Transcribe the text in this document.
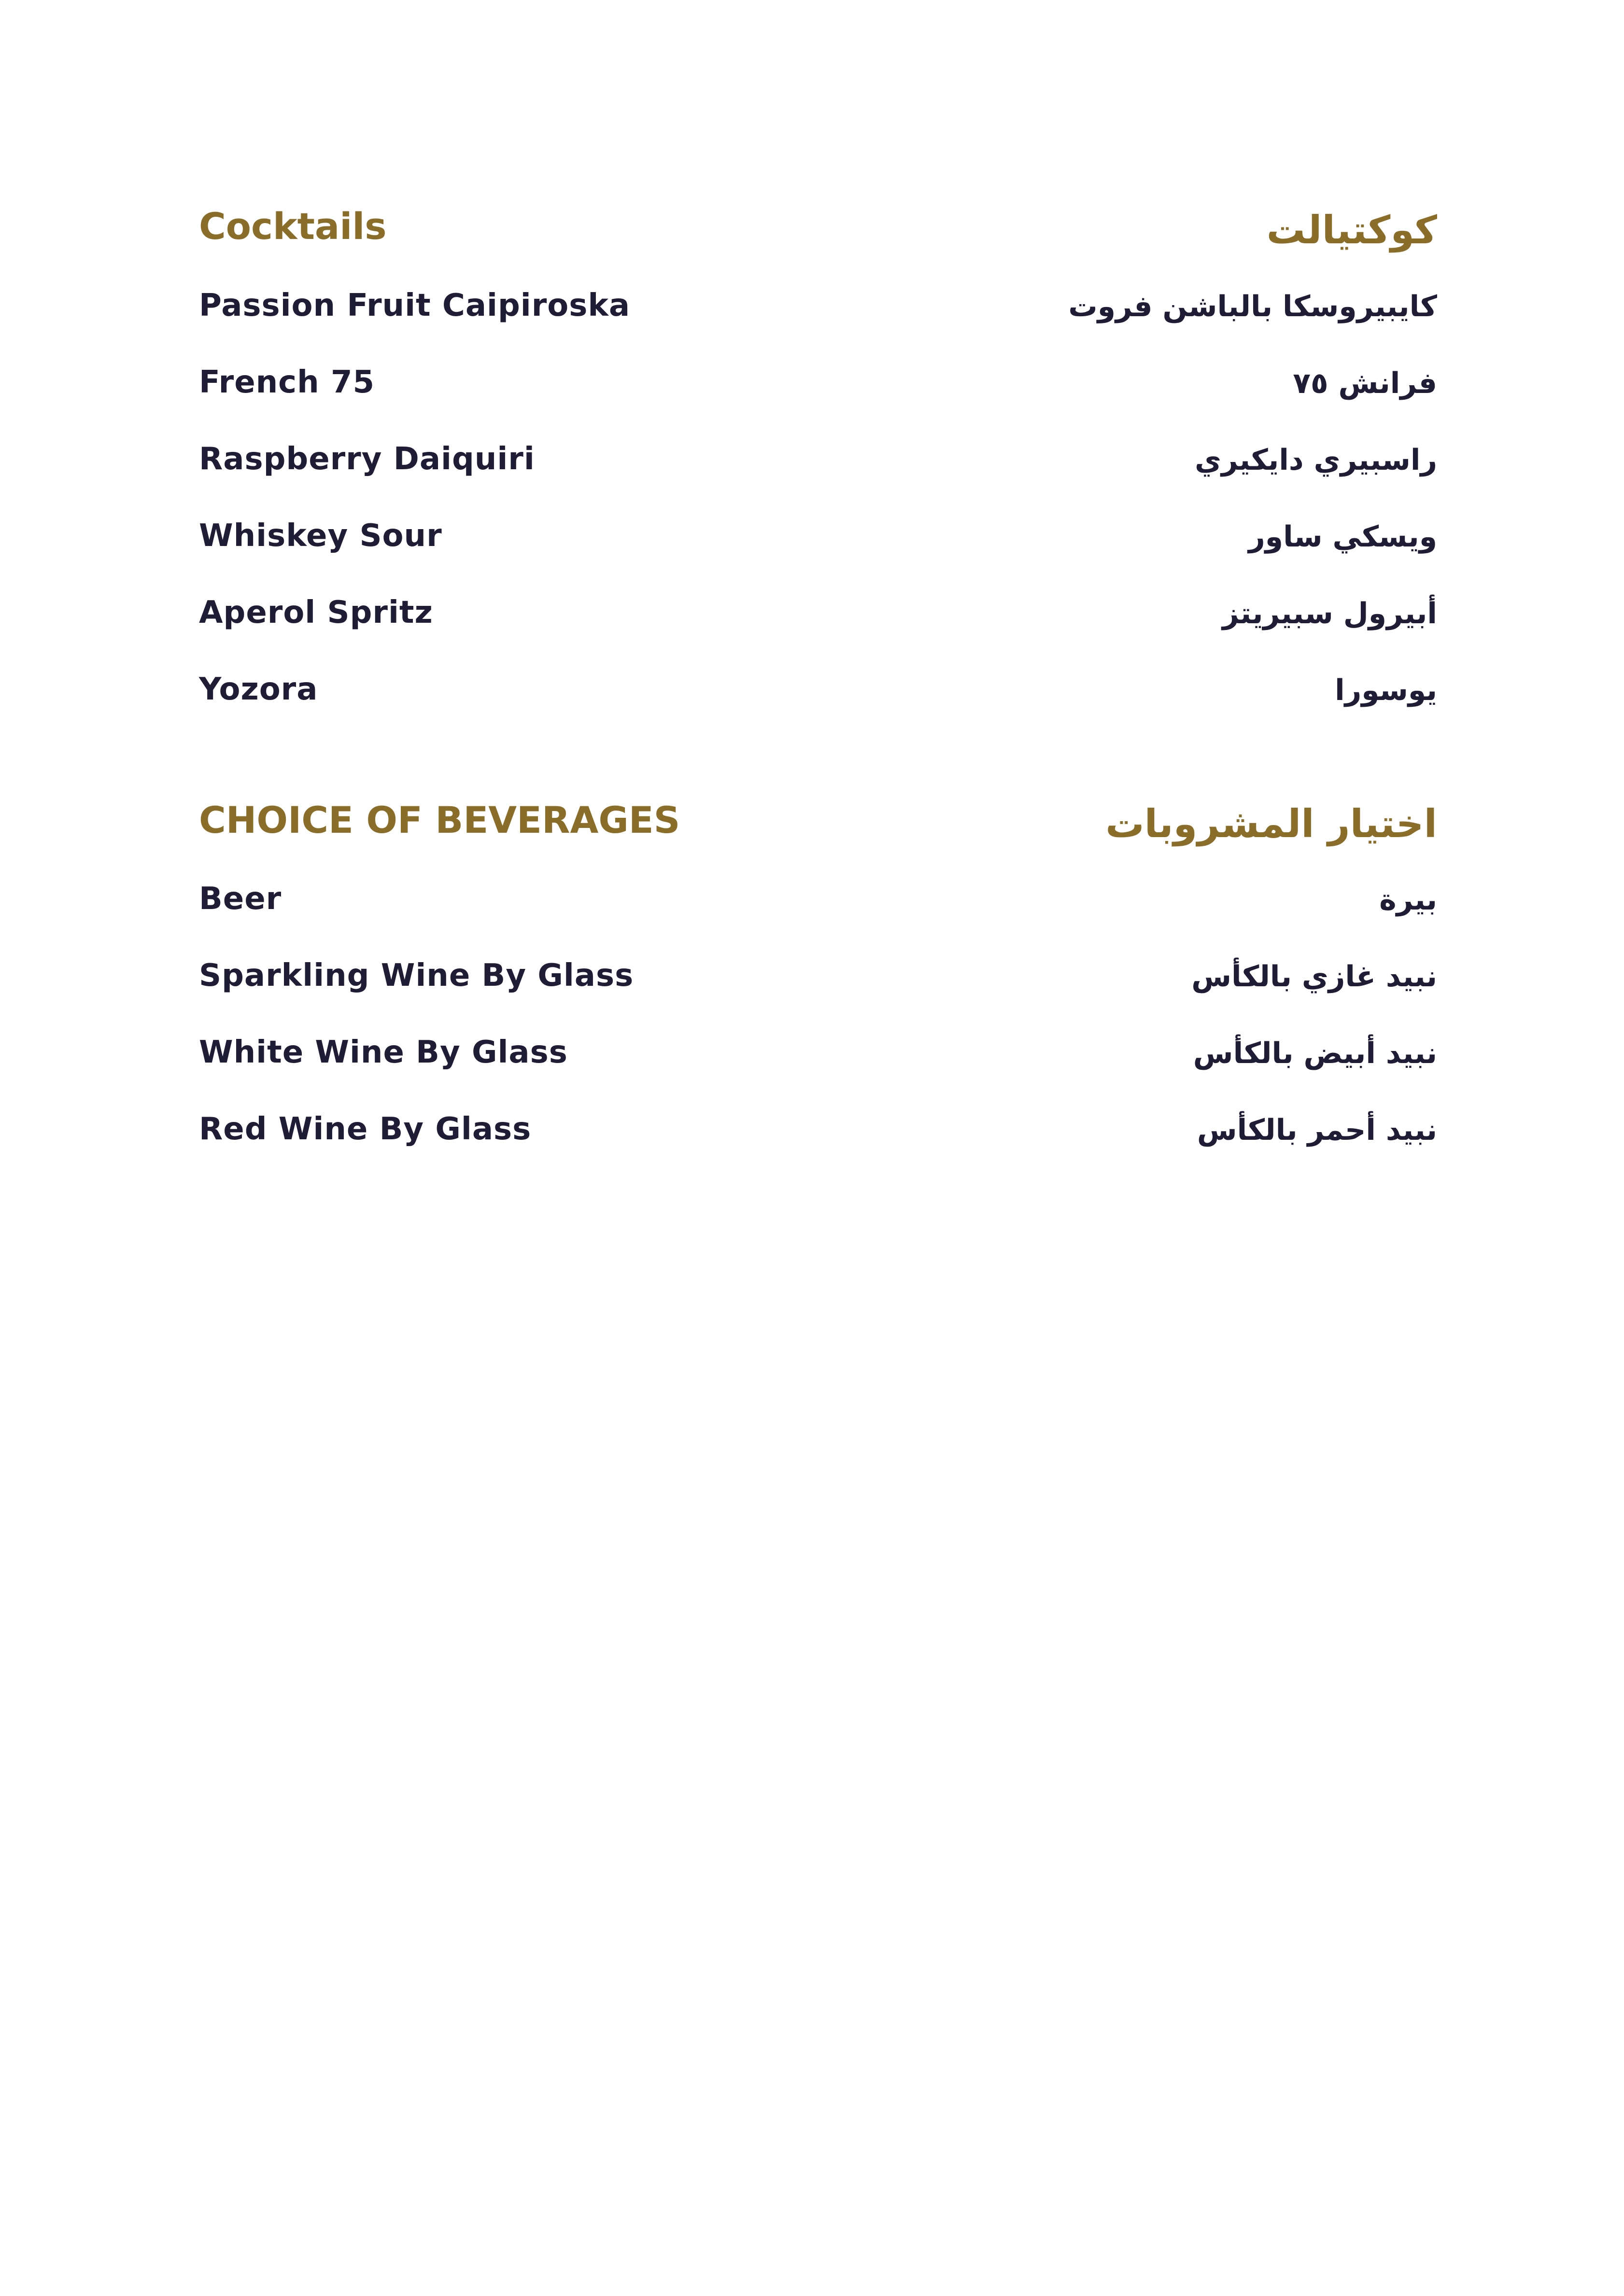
Cocktails	كوكتيالت
Passion Fruit Caipiroska	كايبيروسكا بالباشن فروت
French 75	فرانش ٧٥
Raspberry Daiquiri	راسبيري دايكيري
Whiskey Sour	ويسكي ساور
Aperol Spritz	أبيرول سبيريتز
Yozora	يوسورا
CHOICE OF BEVERAGES	اختيار المشروبات
Beer	بيرة
Sparkling Wine By Glass	نبيد غازي بالكأس
White Wine By Glass	نبيد أبيض بالكأس
Red Wine By Glass	نبيد أحمر بالكأس
